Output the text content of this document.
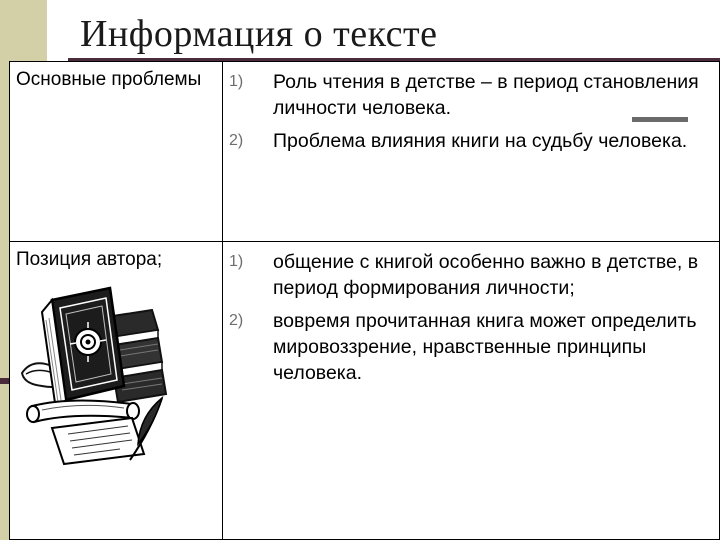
Информация о тексте
Основные проблемы	1) Роль чтения в детстве – в период становления личности человека.
2) Проблема влияния книги на судьбу человека.

Позиция автора;	1) общение с книгой особенно важно в детстве, в период формирования личности;
2) вовремя прочитанная книга может определить мировоззрение, нравственные принципы человека.
